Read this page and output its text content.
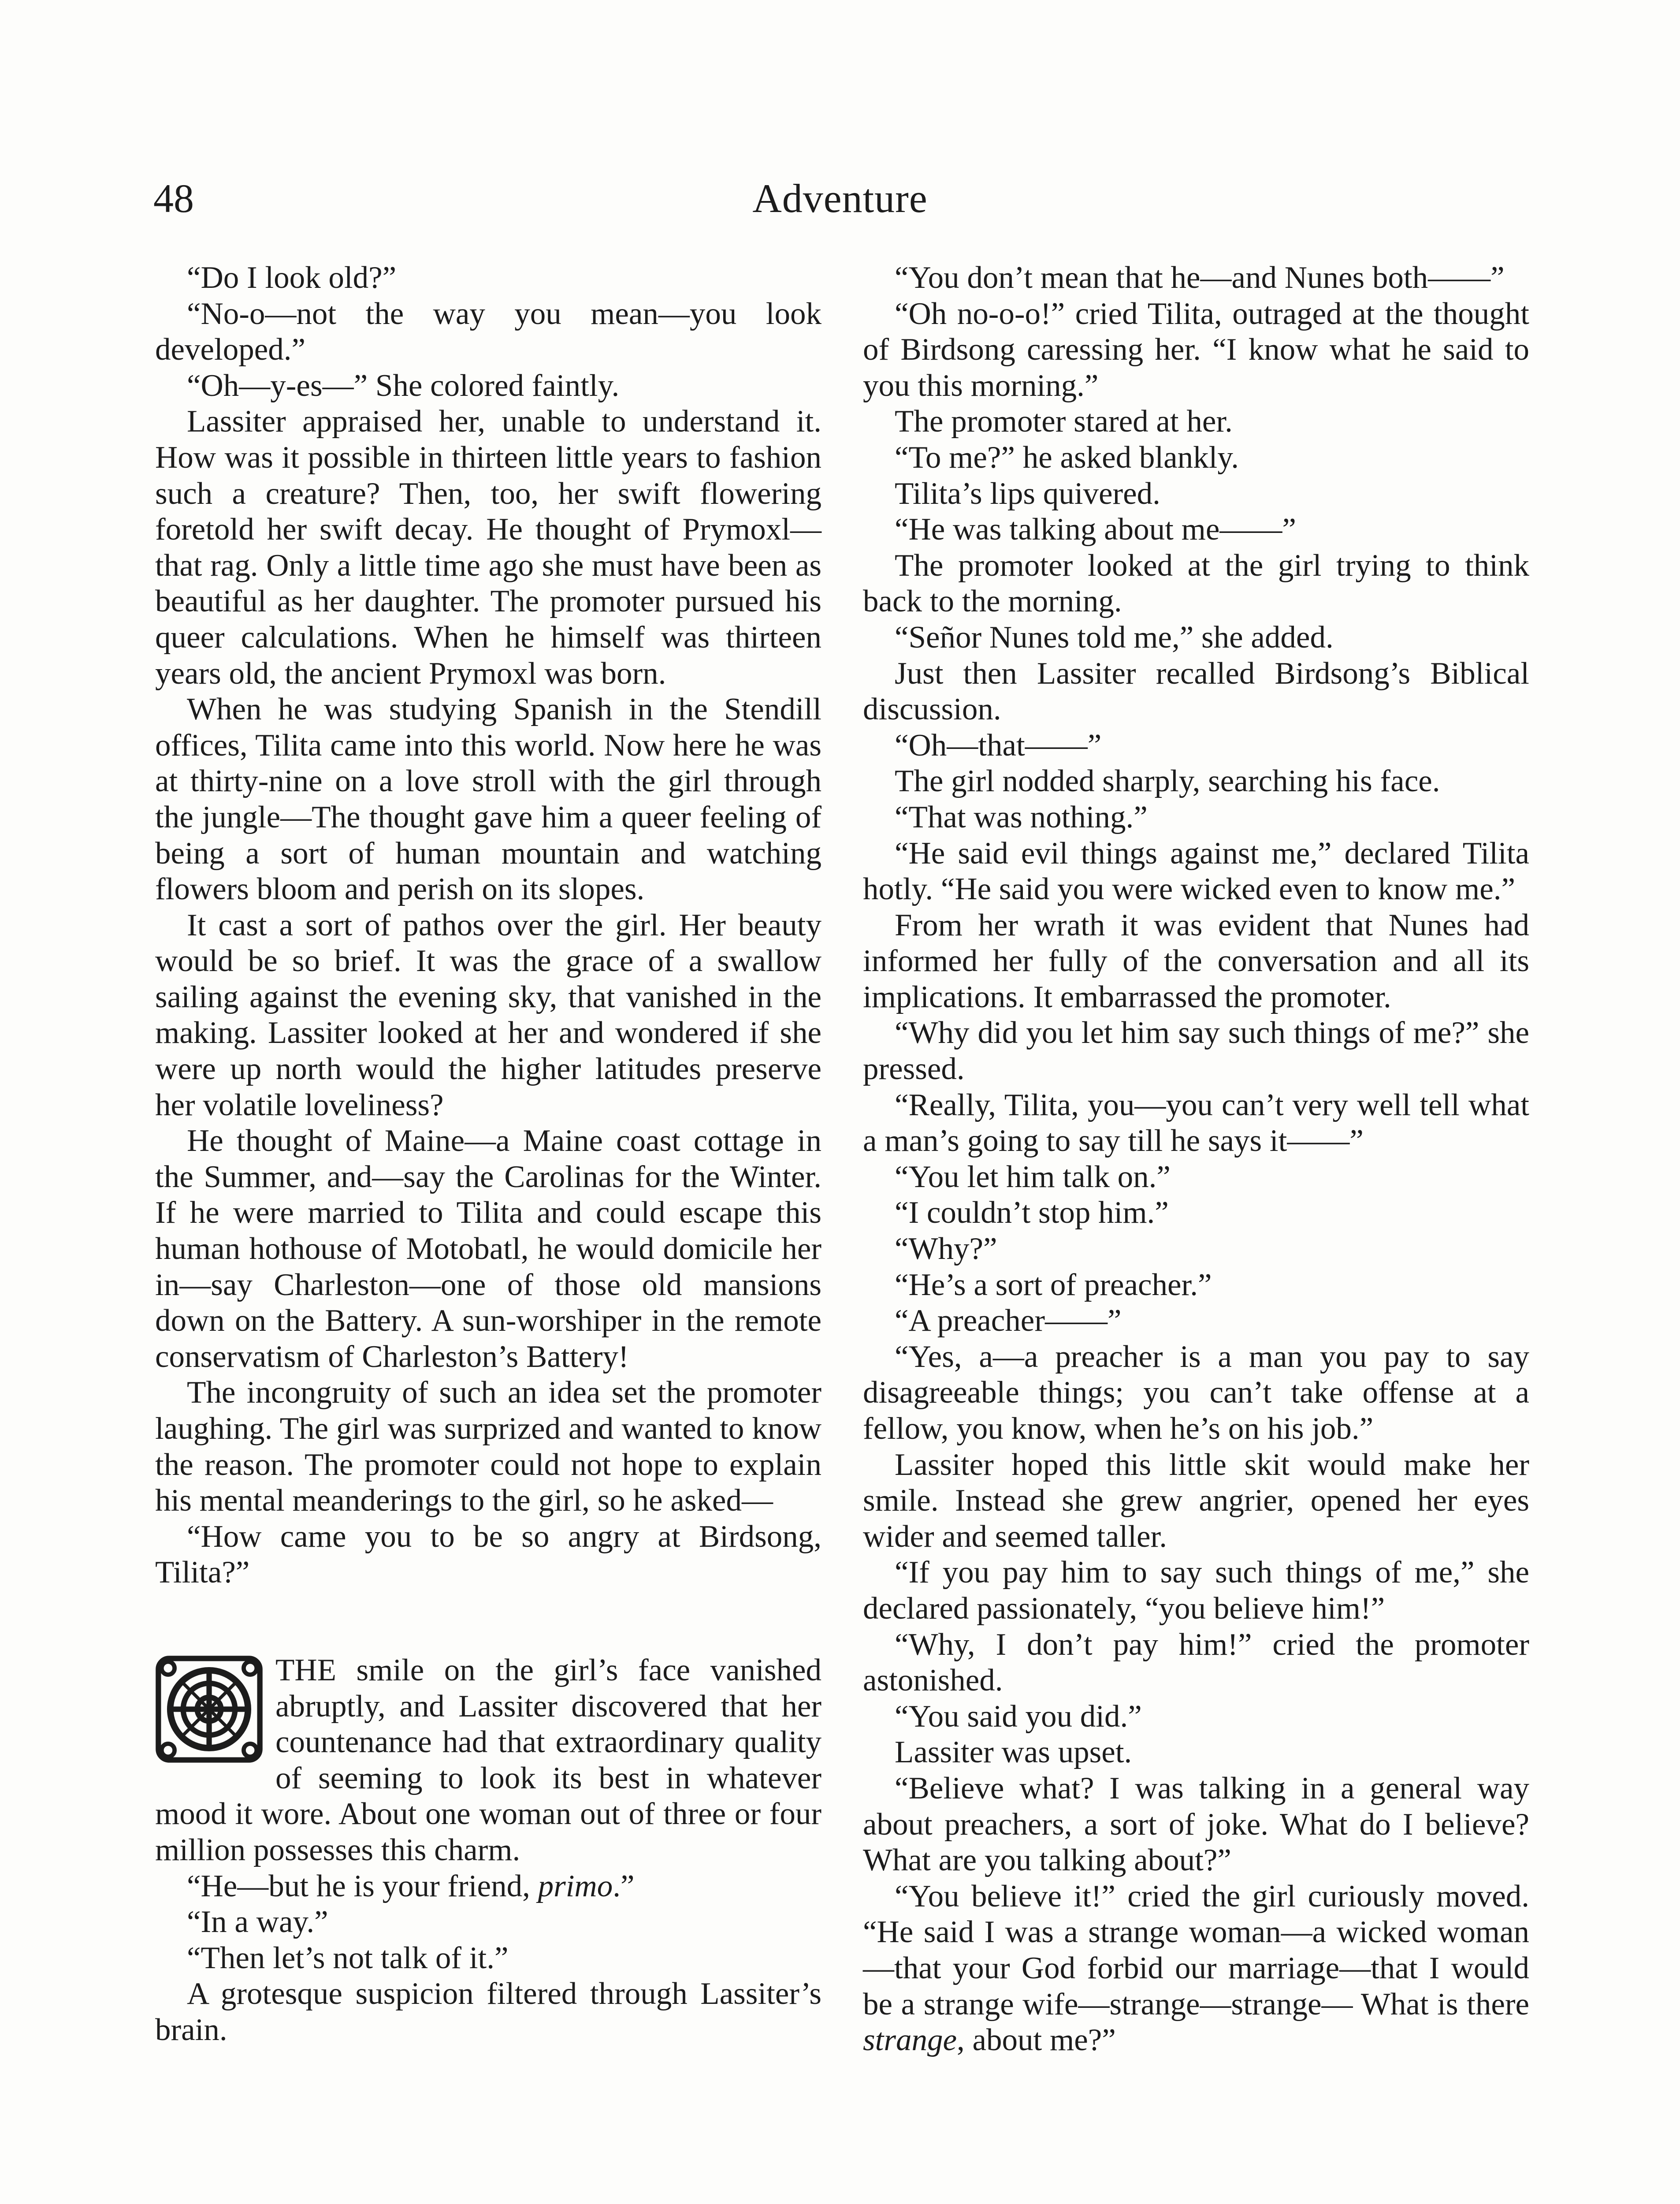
48	Adventure

“Do I look old?”

“No-o—not the way you mean—you look developed.”

“Oh—y-es—” She colored faintly.

Lassiter appraised her, unable to understand it. How was it possible in thirteen little years to fashion such a creature? Then, too, her swift flowering foretold her swift decay. He thought of Prymoxl—that rag. Only a little time ago she must have been as beautiful as her daughter. The promoter pursued his queer calculations. When he himself was thirteen years old, the ancient Prymoxl was born.

When he was studying Spanish in the Stendill offices, Tilita came into this world. Now here he was at thirty-nine on a love stroll with the girl through the jungle—The thought gave him a queer feeling of being a sort of human mountain and watching flowers bloom and perish on its slopes.

It cast a sort of pathos over the girl. Her beauty would be so brief. It was the grace of a swallow sailing against the evening sky, that vanished in the making. Lassiter looked at her and wondered if she were up north would the higher latitudes preserve her volatile loveliness?

He thought of Maine—a Maine coast cottage in the Summer, and—say the Carolinas for the Winter. If he were married to Tilita and could escape this human hothouse of Motobatl, he would domicile her in—say Charleston—one of those old mansions down on the Battery. A sun-worshiper in the remote conservatism of Charleston’s Battery!

The incongruity of such an idea set the promoter laughing. The girl was surprized and wanted to know the reason. The promoter could not hope to explain his mental meanderings to the girl, so he asked—

“How came you to be so angry at Birdsong, Tilita?”

THE smile on the girl’s face vanished abruptly, and Lassiter discovered that her countenance had that extraordinary quality of seeming to look its best in whatever mood it wore. About one woman out of three or four million possesses this charm.

“He—but he is your friend, primo.”

“In a way.”

“Then let’s not talk of it.”

A grotesque suspicion filtered through Lassiter’s brain.

“You don’t mean that he—and Nunes both——”

“Oh no-o-o!” cried Tilita, outraged at the thought of Birdsong caressing her. “I know what he said to you this morning.”

The promoter stared at her.

“To me?” he asked blankly.

Tilita’s lips quivered.

“He was talking about me——”

The promoter looked at the girl trying to think back to the morning.

“Señor Nunes told me,” she added.

Just then Lassiter recalled Birdsong’s Biblical discussion.

“Oh—that——”

The girl nodded sharply, searching his face.

“That was nothing.”

“He said evil things against me,” declared Tilita hotly. “He said you were wicked even to know me.”

From her wrath it was evident that Nunes had informed her fully of the conversation and all its implications. It embarrassed the promoter.

“Why did you let him say such things of me?” she pressed.

“Really, Tilita, you—you can’t very well tell what a man’s going to say till he says it——”

“You let him talk on.”

“I couldn’t stop him.”

“Why?”

“He’s a sort of preacher.”

“A preacher——”

“Yes, a—a preacher is a man you pay to say disagreeable things; you can’t take offense at a fellow, you know, when he’s on his job.”

Lassiter hoped this little skit would make her smile. Instead she grew angrier, opened her eyes wider and seemed taller.

“If you pay him to say such things of me,” she declared passionately, “you believe him!”

“Why, I don’t pay him!” cried the promoter astonished.

“You said you did.”

Lassiter was upset.

“Believe what? I was talking in a general way about preachers, a sort of joke. What do I believe? What are you talking about?”

“You believe it!” cried the girl curiously moved. “He said I was a strange woman—a wicked woman—that your God forbid our marriage—that I would be a strange wife—strange—strange— What is there strange, about me?”
